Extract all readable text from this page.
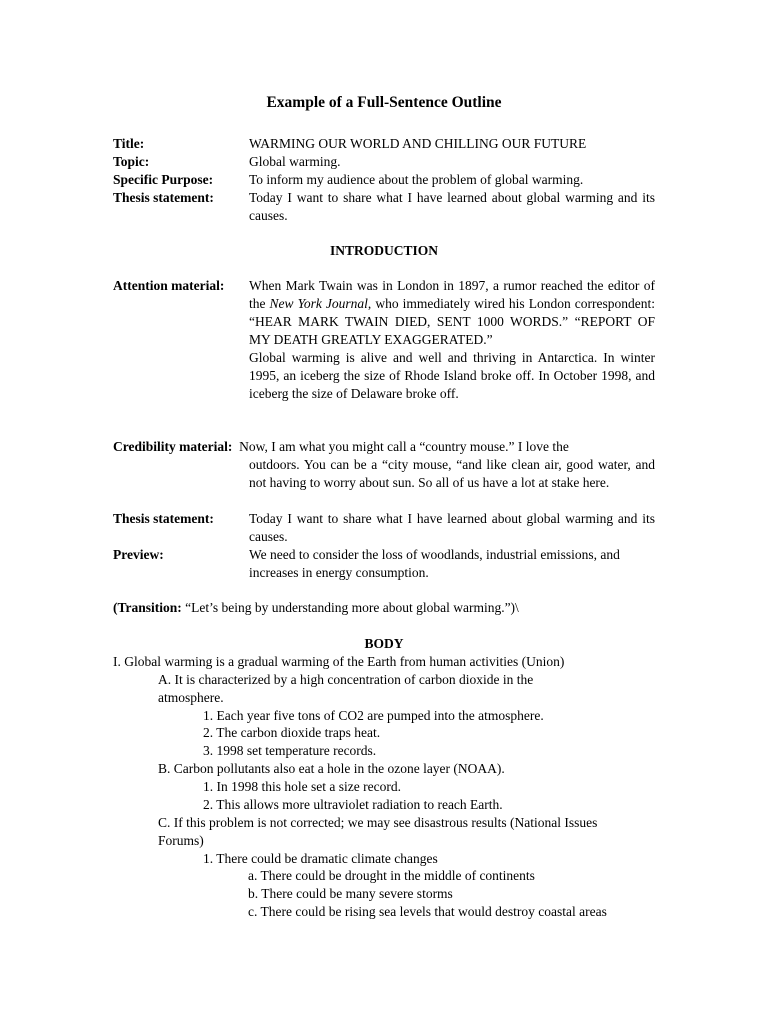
Example of a Full-Sentence Outline
Title:	WARMING OUR WORLD AND CHILLING OUR FUTURE
Topic:	Global warming.
Specific Purpose:	To inform my audience about the problem of global warming.
Thesis statement:	Today I want to share what I have learned about global warming and its causes.
INTRODUCTION
Attention material: When Mark Twain was in London in 1897, a rumor reached the editor of the New York Journal, who immediately wired his London correspondent: “HEAR MARK TWAIN DIED, SENT 1000 WORDS.” “REPORT OF MY DEATH GREATLY EXAGGERATED.”
Global warming is alive and well and thriving in Antarctica. In winter 1995, an iceberg the size of Rhode Island broke off. In October 1998, and iceberg the size of Delaware broke off.
Credibility material: Now, I am what you might call a “country mouse.” I love the
outdoors. You can be a “city mouse, “and like clean air, good water, and not having to worry about sun. So all of us have a lot at stake here.
Thesis statement:	Today I want to share what I have learned about global warming and its causes.
Preview:	We need to consider the loss of woodlands, industrial emissions, and increases in energy consumption.
(Transition: “Let’s being by understanding more about global warming.”)\
BODY
I. Global warming is a gradual warming of the Earth from human activities (Union)
A. It is characterized by a high concentration of carbon dioxide in the
atmosphere.
1. Each year five tons of CO2 are pumped into the atmosphere.
2. The carbon dioxide traps heat.
3. 1998 set temperature records.
B. Carbon pollutants also eat a hole in the ozone layer (NOAA).
1. In 1998 this hole set a size record.
2. This allows more ultraviolet radiation to reach Earth.
C. If this problem is not corrected; we may see disastrous results (National Issues
Forums)
1. There could be dramatic climate changes
a. There could be drought in the middle of continents
b. There could be many severe storms
c. There could be rising sea levels that would destroy coastal areas
